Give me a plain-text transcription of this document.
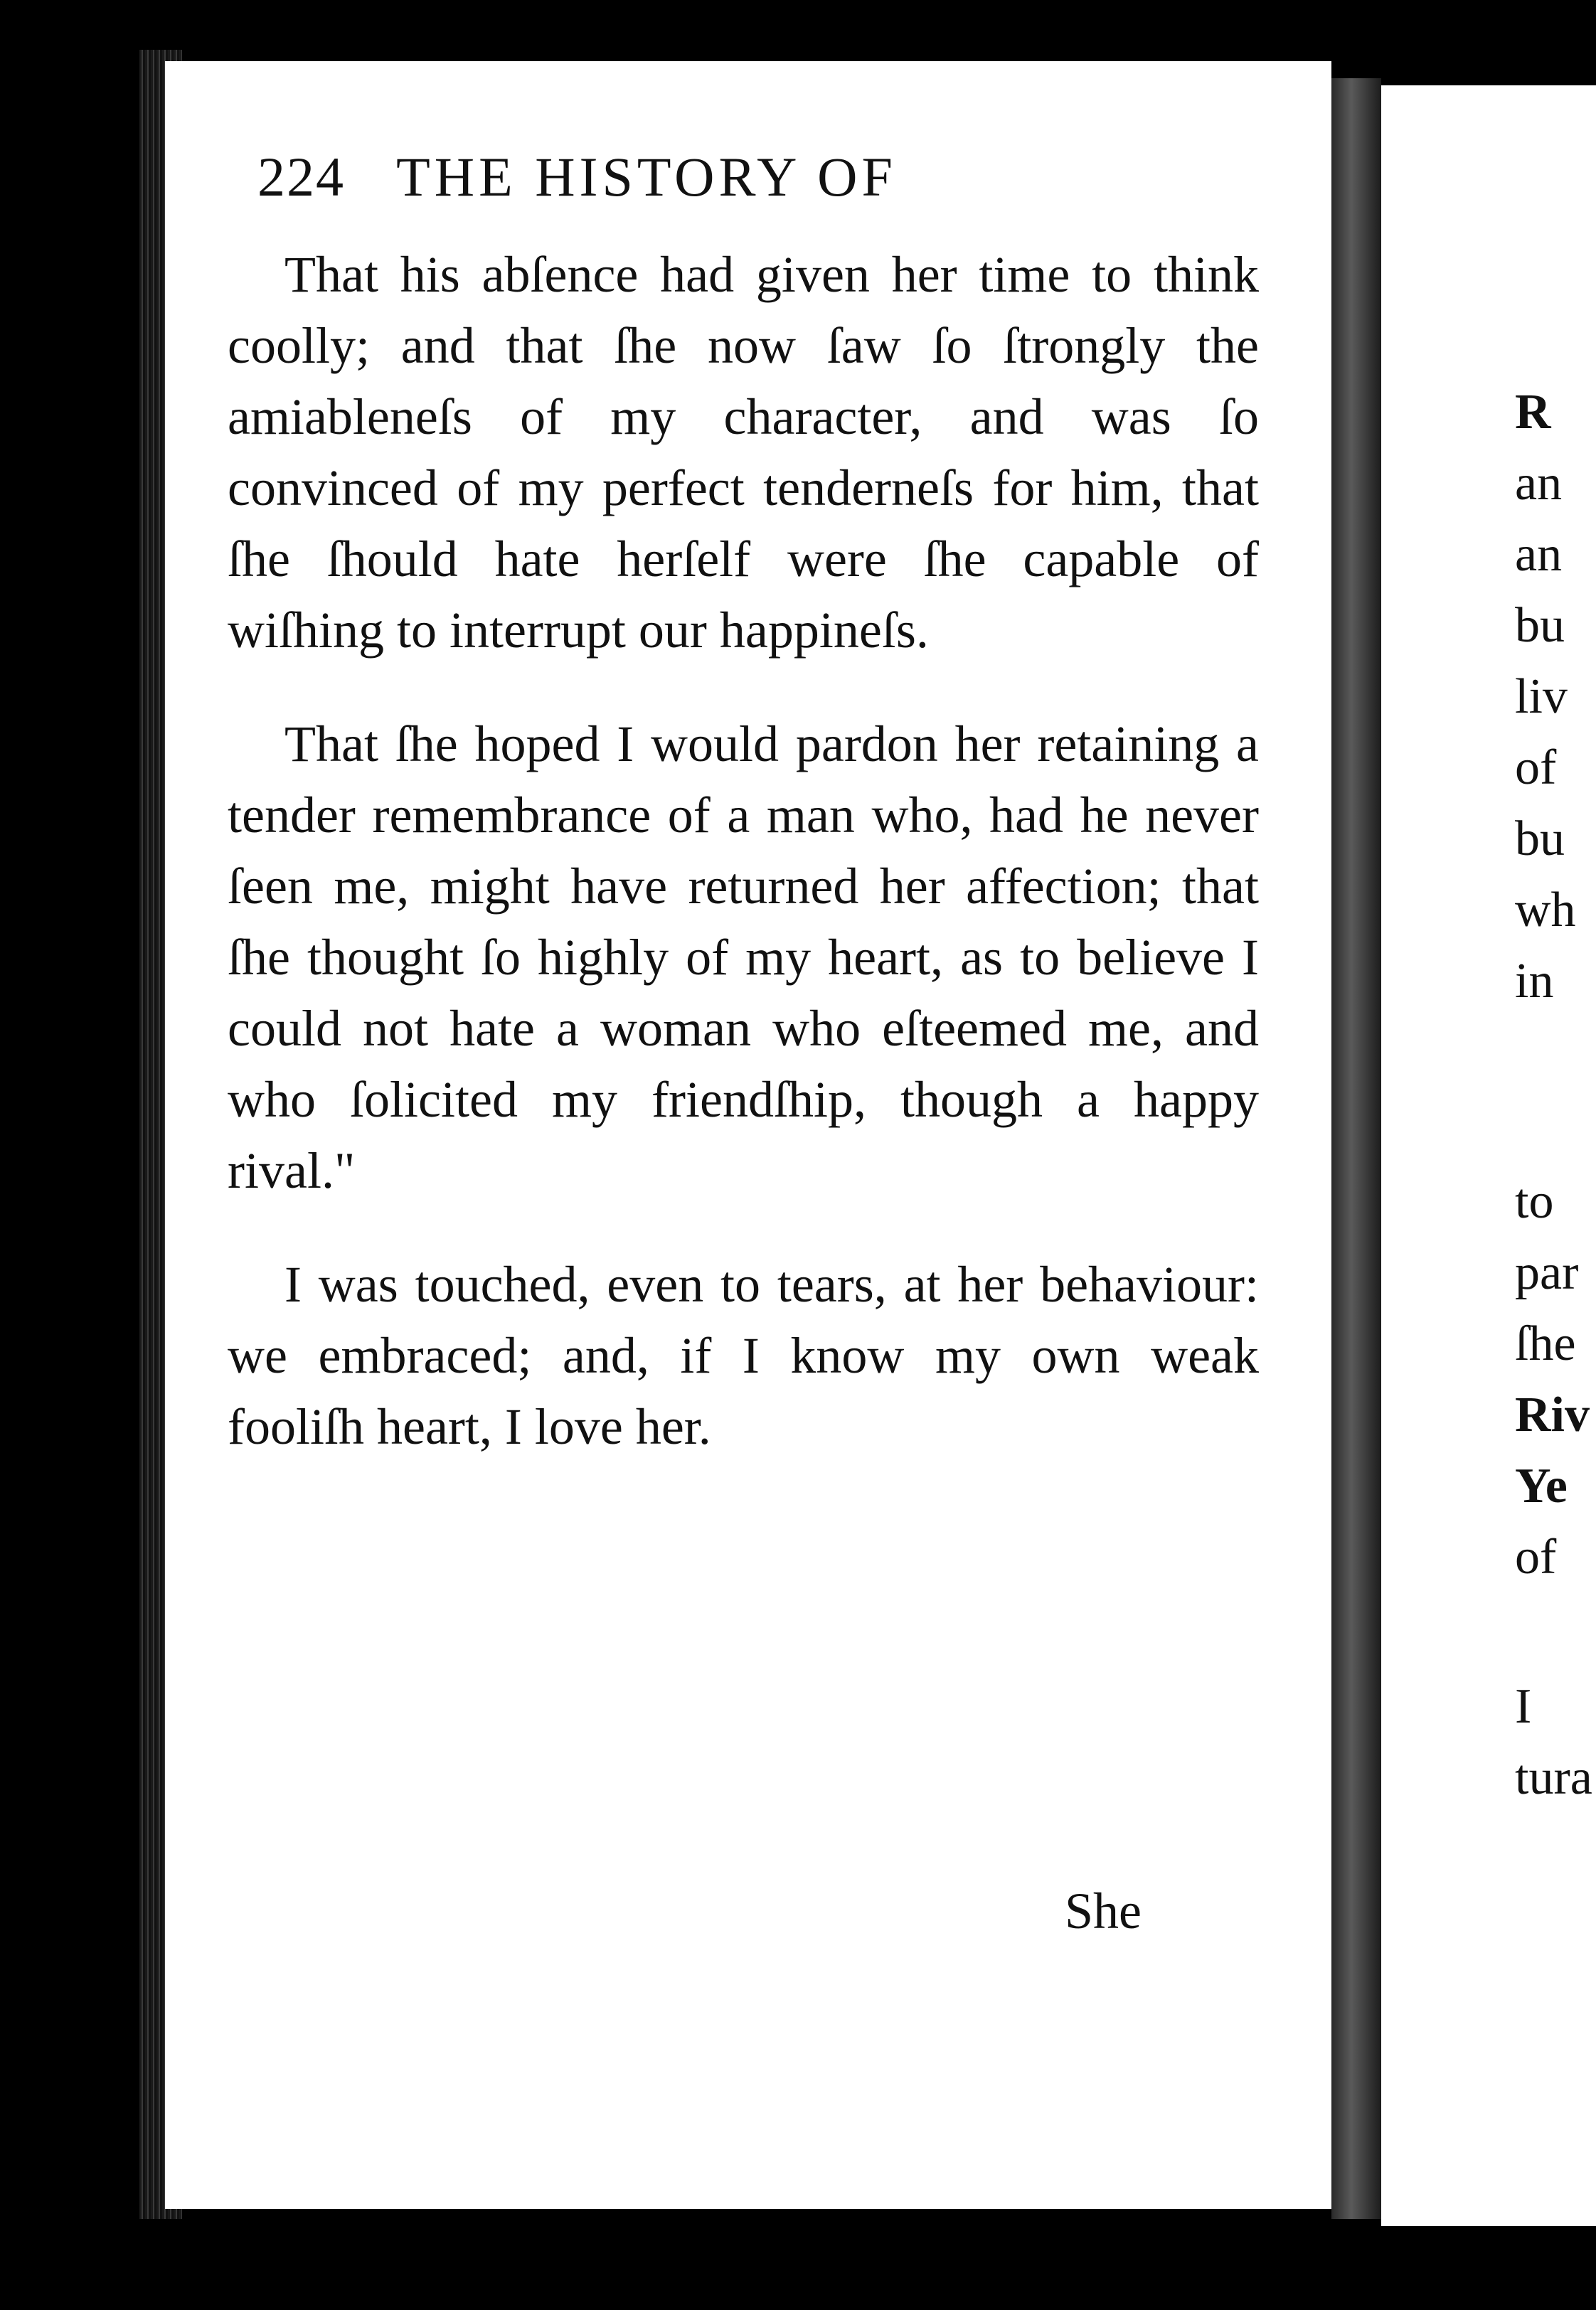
224 THE HISTORY OF

That his abſence had given her time to think coolly; and that ſhe now ſaw ſo ſtrongly the amiableneſs of my character, and was ſo convinced of my perfect tenderneſs for him, that ſhe ſhould hate herſelf were ſhe capable of wiſhing to interrupt our happineſs.

That ſhe hoped I would pardon her retaining a tender remembrance of a man who, had he never ſeen me, might have returned her affection; that ſhe thought ſo highly of my heart, as to believe I could not hate a woman who eſteemed me, and who ſolicited my friendſhip, though a happy rival."

I was touched, even to tears, at her behaviour: we embraced; and, if I know my own weak fooliſh heart, I love her.

She
R
an
an
bu
liv
of
bu
wh
in
to
par
ſhe
Riv
Ye
of
I
tura
